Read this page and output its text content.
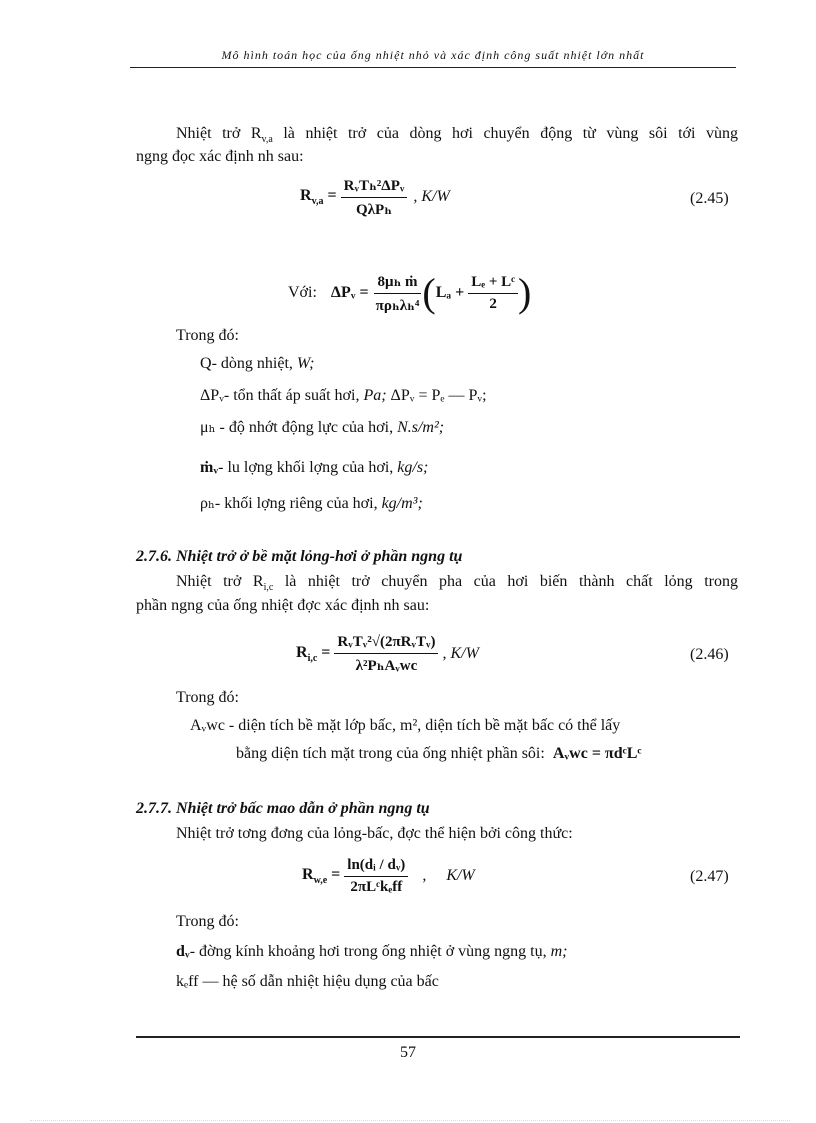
Mô hình toán học của ống nhiệt nhỏ và xác định công suất nhiệt lớn nhất
Nhiệt trở $R_{v,a}$ là nhiệt trở của dòng hơi chuyển động từ vùng sôi tới vùng
ngng đọc xác định nh sau:
$R_{v,a} = \frac{\text{RᵥTₕ²ΔPᵥ}}{\text{QλPₕ}}$ , K/W	(2.45)
Với: ΔPᵥ = $\frac{\text{8μₕ ṁ}}{\text{πρₕλₕ⁴}}$ ( $L_a + \frac{\text{Lₑ + Lᶜ}}{2}$ )
Trong đó:
Q- dòng nhiệt, W;
ΔPᵥ- tổn thất áp suất hơi, Pa; ΔPᵥ = Pₑ — Pᵥ;
μₕ - độ nhớt động lực của hơi, N.s/m²;
ṁᵥ- lu lợng khối lợng của hơi, kg/s;
ρₕ- khối lợng riêng của hơi, kg/m³;
2.7.6. Nhiệt trở ở bề mặt lỏng-hơi ở phần ngng tụ
Nhiệt trở $R_{i,c}$ là nhiệt trở chuyển pha của hơi biến thành chất lỏng trong
phần ngng của ống nhiệt đợc xác định nh sau:
$R_{i,c} = \frac{\text{RᵥTᵥ²√(2πRᵥTᵥ)}}{\text{λ²PₕAᵥwc}}$ , K/W	(2.46)
Trong đó:
Aᵥwc - diện tích bề mặt lớp bấc, m², diện tích bề mặt bấc có thể lấy
bằng diện tích mặt trong của ống nhiệt phần sôi: Aᵥwc = πdᶜLᶜ
2.7.7. Nhiệt trở bấc mao dẫn ở phần ngng tụ
Nhiệt trở tơng đơng của lỏng-bấc, đợc thể hiện bởi công thức:
$R_{w,e} = \frac{\text{ln(dᵢ / dᵥ)}}{\text{2πLᶜkₑff}}$ ,     K/W	(2.47)
Trong đó:
dᵥ- đờng kính khoảng hơi trong ống nhiệt ở vùng ngng tụ, m;
kₑff — hệ số dẫn nhiệt hiệu dụng của bấc
57
